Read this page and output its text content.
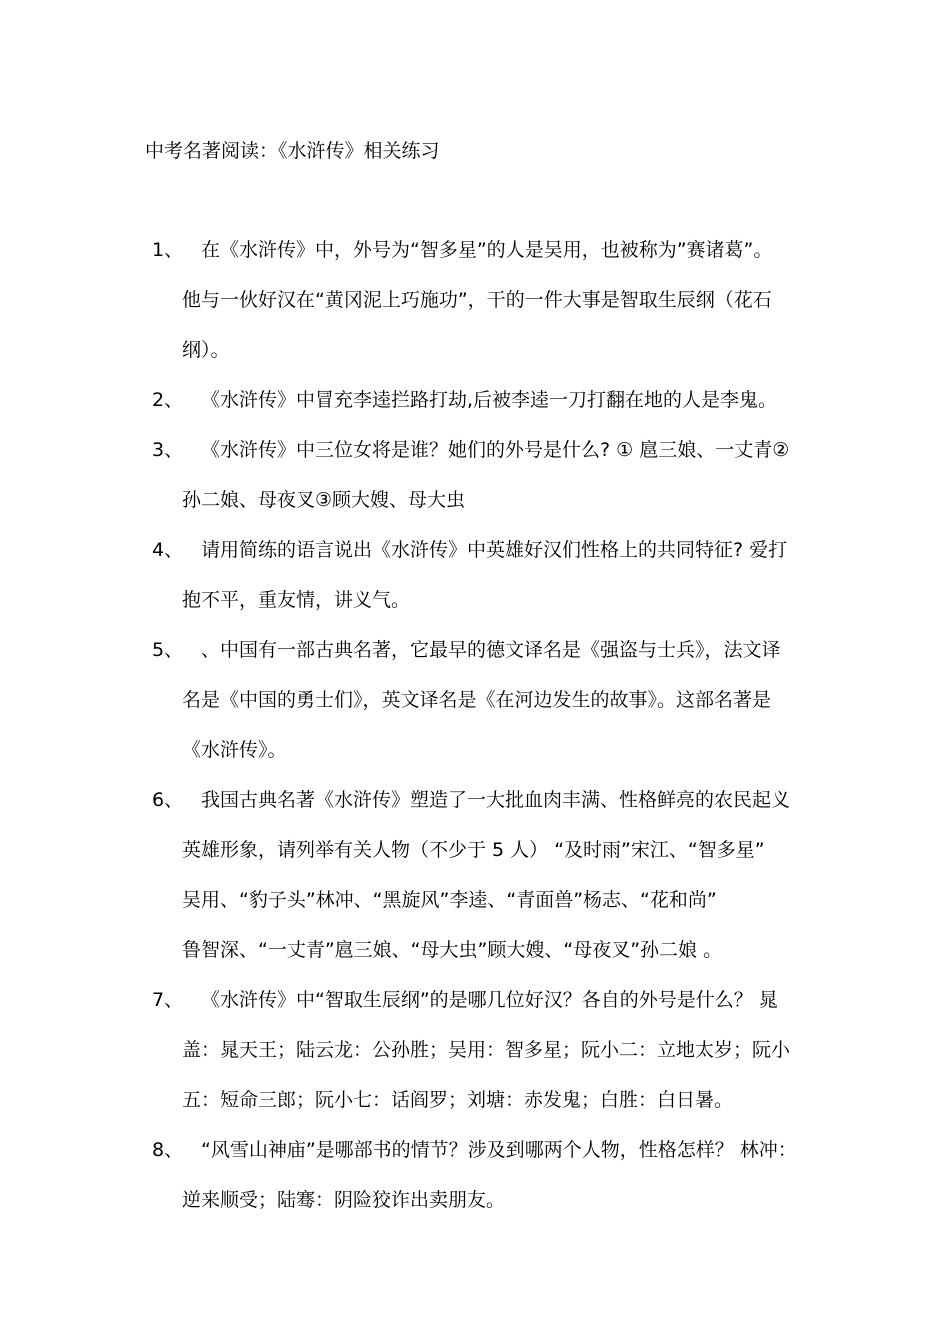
中考名著阅读：《水浒传》相关练习
1、 在《水浒传》中，外号为“智多星”的人是吴用，也被称为”赛诸葛”。
他与一伙好汉在“黄冈泥上巧施功”，干的一件大事是智取生辰纲（花石
纲）。
2、 《水浒传》中冒充李逵拦路打劫,后被李逵一刀打翻在地的人是李鬼。
3、 《水浒传》中三位女将是谁？她们的外号是什么? ① 扈三娘、一丈青②
孙二娘、母夜叉③顾大嫂、母大虫
4、 请用简练的语言说出《水浒传》中英雄好汉们性格上的共同特征? 爱打
抱不平，重友情，讲义气。
5、 、中国有一部古典名著，它最早的德文译名是《强盗与士兵》，法文译
名是《中国的勇士们》，英文译名是《在河边发生的故事》。这部名著是
《水浒传》。
6、 我国古典名著《水浒传》塑造了一大批血肉丰满、性格鲜亮的农民起义
英雄形象，请列举有关人物（不少于 5 人） “及时雨”宋江、“智多星”
吴用、“豹子头”林冲、“黑旋风”李逵、“青面兽”杨志、“花和尚”
鲁智深、“一丈青”扈三娘、“母大虫”顾大嫂、“母夜叉”孙二娘 。
7、 《水浒传》中“智取生辰纲”的是哪几位好汉？各自的外号是什么？ 晁
盖：晁天王；陆云龙：公孙胜；吴用：智多星；阮小二：立地太岁；阮小
五：短命三郎；阮小七：话阎罗；刘塘：赤发鬼；白胜：白日暑。
8、 “风雪山神庙”是哪部书的情节？涉及到哪两个人物，性格怎样？ 林冲：
逆来顺受；陆骞：阴险狡诈出卖朋友。
